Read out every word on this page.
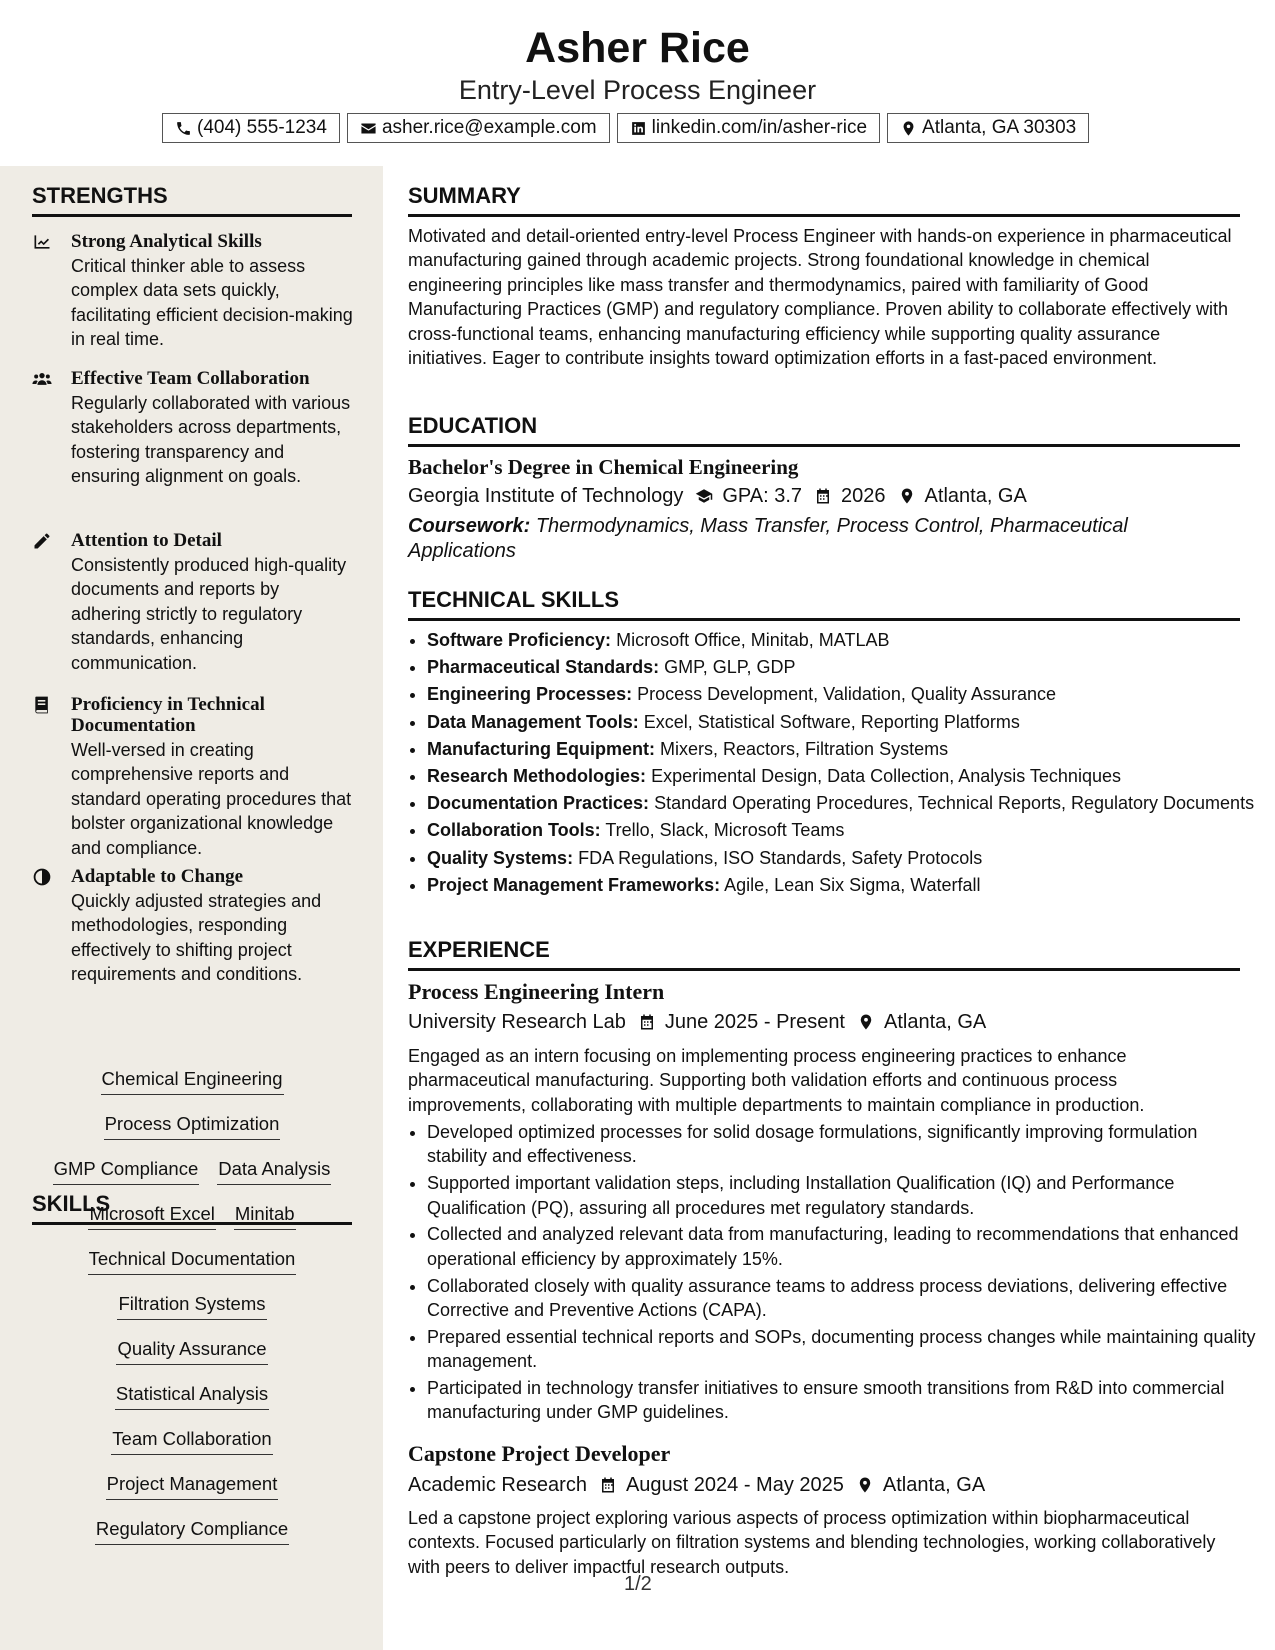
Asher Rice
Entry-Level Process Engineer
(404) 555-1234	asher.rice@example.com	linkedin.com/in/asher-rice	Atlanta, GA 30303
STRENGTHS
Strong Analytical Skills
Critical thinker able to assess complex data sets quickly, facilitating efficient decision-making in real time.
Effective Team Collaboration
Regularly collaborated with various stakeholders across departments, fostering transparency and ensuring alignment on goals.
Attention to Detail
Consistently produced high-quality documents and reports by adhering strictly to regulatory standards, enhancing communication.
Proficiency in Technical Documentation
Well-versed in creating comprehensive reports and standard operating procedures that bolster organizational knowledge and compliance.
Adaptable to Change
Quickly adjusted strategies and methodologies, responding effectively to shifting project requirements and conditions.
SKILLS
Chemical Engineering
Process Optimization
GMP Compliance Data Analysis
Microsoft Excel Minitab
Technical Documentation
Filtration Systems
Quality Assurance
Statistical Analysis
Team Collaboration
Project Management
Regulatory Compliance
SUMMARY
Motivated and detail-oriented entry-level Process Engineer with hands-on experience in pharmaceutical manufacturing gained through academic projects. Strong foundational knowledge in chemical engineering principles like mass transfer and thermodynamics, paired with familiarity of Good Manufacturing Practices (GMP) and regulatory compliance. Proven ability to collaborate effectively with cross-functional teams, enhancing manufacturing efficiency while supporting quality assurance initiatives. Eager to contribute insights toward optimization efforts in a fast-paced environment.
EDUCATION
Bachelor's Degree in Chemical Engineering
Georgia Institute of Technology GPA: 3.7 2026 Atlanta, GA
Coursework: Thermodynamics, Mass Transfer, Process Control, Pharmaceutical Applications
TECHNICAL SKILLS
• Software Proficiency: Microsoft Office, Minitab, MATLAB
• Pharmaceutical Standards: GMP, GLP, GDP
• Engineering Processes: Process Development, Validation, Quality Assurance
• Data Management Tools: Excel, Statistical Software, Reporting Platforms
• Manufacturing Equipment: Mixers, Reactors, Filtration Systems
• Research Methodologies: Experimental Design, Data Collection, Analysis Techniques
• Documentation Practices: Standard Operating Procedures, Technical Reports, Regulatory Documents
• Collaboration Tools: Trello, Slack, Microsoft Teams
• Quality Systems: FDA Regulations, ISO Standards, Safety Protocols
• Project Management Frameworks: Agile, Lean Six Sigma, Waterfall
EXPERIENCE
Process Engineering Intern
University Research Lab June 2025 - Present Atlanta, GA
Engaged as an intern focusing on implementing process engineering practices to enhance pharmaceutical manufacturing. Supporting both validation efforts and continuous process improvements, collaborating with multiple departments to maintain compliance in production.
• Developed optimized processes for solid dosage formulations, significantly improving formulation stability and effectiveness.
• Supported important validation steps, including Installation Qualification (IQ) and Performance Qualification (PQ), assuring all procedures met regulatory standards.
• Collected and analyzed relevant data from manufacturing, leading to recommendations that enhanced operational efficiency by approximately 15%.
• Collaborated closely with quality assurance teams to address process deviations, delivering effective Corrective and Preventive Actions (CAPA).
• Prepared essential technical reports and SOPs, documenting process changes while maintaining quality management.
• Participated in technology transfer initiatives to ensure smooth transitions from R&D into commercial manufacturing under GMP guidelines.
Capstone Project Developer
Academic Research August 2024 - May 2025 Atlanta, GA
Led a capstone project exploring various aspects of process optimization within biopharmaceutical contexts. Focused particularly on filtration systems and blending technologies, working collaboratively with peers to deliver impactful research outputs.
1/2
